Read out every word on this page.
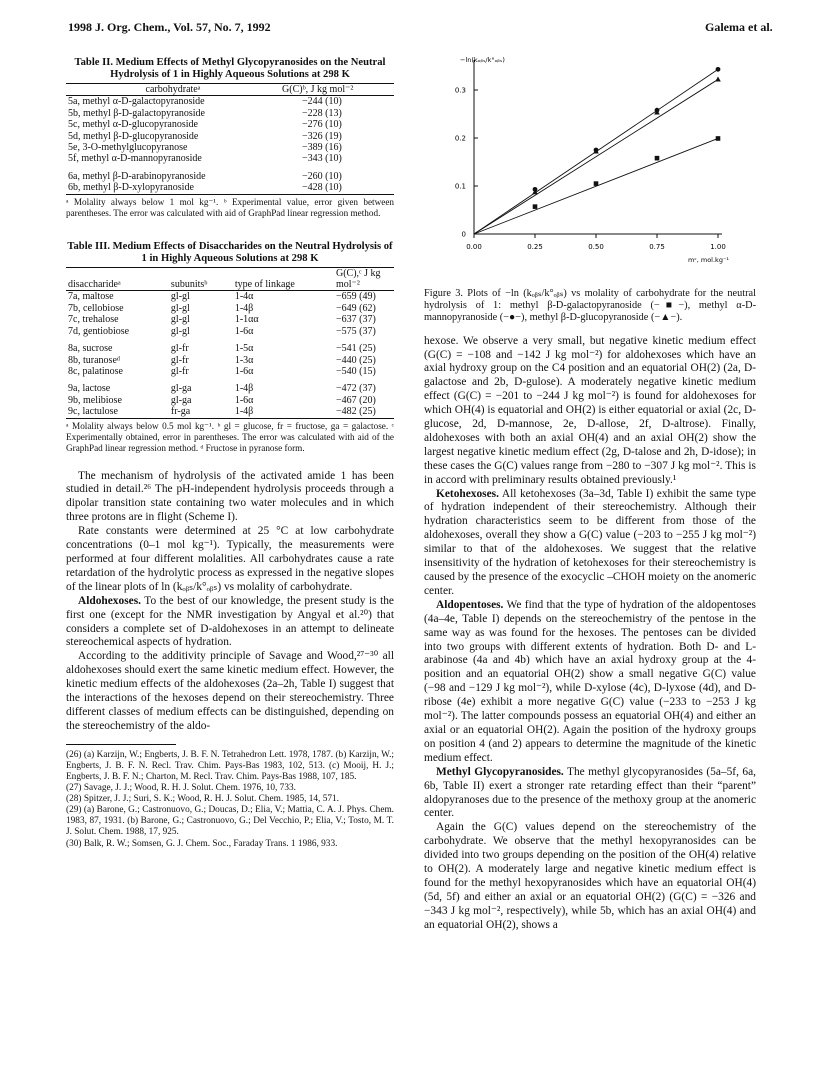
1998 J. Org. Chem., Vol. 57, No. 7, 1992	Galema et al.
Table II. Medium Effects of Methyl Glycopyranosides on the Neutral Hydrolysis of 1 in Highly Aqueous Solutions at 298 K
carbohydrateᵃ	G(C)ᵇ, J kg mol⁻²
5a, methyl α-D-galactopyranoside	−244 (10)
5b, methyl β-D-galactopyranoside	−228 (13)
5c, methyl α-D-glucopyranoside	−276 (10)
5d, methyl β-D-glucopyranoside	−326 (19)
5e, 3-O-methylglucopyranose	−389 (16)
5f, methyl α-D-mannopyranoside	−343 (10)
6a, methyl β-D-arabinopyranoside	−260 (10)
6b, methyl β-D-xylopyranoside	−428 (10)
ᵃ Molality always below 1 mol kg⁻¹. ᵇ Experimental value, error given between parentheses. The error was calculated with aid of GraphPad linear regression method.
Table III. Medium Effects of Disaccharides on the Neutral Hydrolysis of 1 in Highly Aqueous Solutions at 298 K
disaccharideᵃ	subunitsᵇ	type of linkage	G(C),ᶜ J kg mol⁻²
7a, maltose	gl-gl	1-4α	−659 (49)
7b, cellobiose	gl-gl	1-4β	−649 (62)
7c, trehalose	gl-gl	1-1αα	−637 (37)
7d, gentiobiose	gl-gl	1-6α	−575 (37)
8a, sucrose	gl-fr	1-5α	−541 (25)
8b, turanoseᵈ	gl-fr	1-3α	−440 (25)
8c, palatinose	gl-fr	1-6α	−540 (15)
9a, lactose	gl-ga	1-4β	−472 (37)
9b, melibiose	gl-ga	1-6α	−467 (20)
9c, lactulose	fr-ga	1-4β	−482 (25)
ᵃ Molality always below 0.5 mol kg⁻¹. ᵇ gl = glucose, fr = fructose, ga = galactose. ᶜ Experimentally obtained, error in parentheses. The error was calculated with aid of the GraphPad linear regression method. ᵈ Fructose in pyranose form.

The mechanism of hydrolysis of the activated amide 1 has been studied in detail.²⁶ The pH-independent hydrolysis proceeds through a dipolar transition state containing two water molecules and in which three protons are in flight (Scheme I).

Rate constants were determined at 25 °C at low carbohydrate concentrations (0–1 mol kg⁻¹). Typically, the measurements were performed at four different molalities. All carbohydrates cause a rate retardation of the hydrolytic process as expressed in the negative slopes of the linear plots of ln (kₒᵦₛ/k°ₒᵦₛ) vs molality of carbohydrate.

Aldohexoses. To the best of our knowledge, the present study is the first one (except for the NMR investigation by Angyal et al.²⁰) that considers a complete set of D-aldohexoses in an attempt to delineate stereochemical aspects of hydration.

According to the additivity principle of Savage and Wood,²⁷⁻³⁰ all aldohexoses should exert the same kinetic medium effect. However, the kinetic medium effects of the aldohexoses (2a–2h, Table I) suggest that the interactions of the hexoses depend on their stereochemistry. Three different classes of medium effects can be distinguished, depending on the stereochemistry of the aldo-

(26) (a) Karzijn, W.; Engberts, J. B. F. N. Tetrahedron Lett. 1978, 1787. (b) Karzijn, W.; Engberts, J. B. F. N. Recl. Trav. Chim. Pays-Bas 1983, 102, 513. (c) Mooij, H. J.; Engberts, J. B. F. N.; Charton, M. Recl. Trav. Chim. Pays-Bas 1988, 107, 185.
(27) Savage, J. J.; Wood, R. H. J. Solut. Chem. 1976, 10, 733.
(28) Spitzer, J. J.; Suri, S. K.; Wood, R. H. J. Solut. Chem. 1985, 14, 571.
(29) (a) Barone, G.; Castronuovo, G.; Doucas, D.; Elia, V.; Mattia, C. A. J. Phys. Chem. 1983, 87, 1931. (b) Barone, G.; Castronuovo, G.; Del Vecchio, P.; Elia, V.; Tosto, M. T. J. Solut. Chem. 1988, 17, 925.
(30) Balk, R. W.; Somsen, G. J. Chem. Soc., Faraday Trans. 1 1986, 933.
0.00	0.25	0.50	0.75	1.00
0
0.1
0.2
0.3
−ln(kₒᵦₛ/k°ₒᵦₛ)
mᶜ, mol.kg⁻¹
Figure 3. Plots of −ln (kₒᵦₛ/k°ₒᵦₛ) vs molality of carbohydrate for the neutral hydrolysis of 1: methyl β-D-galactopyranoside (−■−), methyl α-D-mannopyranoside (−●−), methyl β-D-glucopyranoside (−▲−).

hexose. We observe a very small, but negative kinetic medium effect (G(C) = −108 and −142 J kg mol⁻²) for aldohexoses which have an axial hydroxy group on the C4 position and an equatorial OH(2) (2a, D-galactose and 2b, D-gulose). A moderately negative kinetic medium effect (G(C) = −201 to −244 J kg mol⁻²) is found for aldohexoses for which OH(4) is equatorial and OH(2) is either equatorial or axial (2c, D-glucose, 2d, D-mannose, 2e, D-allose, 2f, D-altrose). Finally, aldohexoses with both an axial OH(4) and an axial OH(2) show the largest negative kinetic medium effect (2g, D-talose and 2h, D-idose); in these cases the G(C) values range from −280 to −307 J kg mol⁻². This is in accord with preliminary results obtained previously.¹

Ketohexoses. All ketohexoses (3a–3d, Table I) exhibit the same type of hydration independent of their stereochemistry. Although their hydration characteristics seem to be different from those of the aldohexoses, overall they show a G(C) value (−203 to −255 J kg mol⁻²) similar to that of the aldohexoses. We suggest that the relative insensitivity of the hydration of ketohexoses for their stereochemistry is caused by the presence of the exocyclic –CHOH moiety on the anomeric center.

Aldopentoses. We find that the type of hydration of the aldopentoses (4a–4e, Table I) depends on the stereochemistry of the pentose in the same way as was found for the hexoses. The pentoses can be divided into two groups with different extents of hydration. Both D- and L-arabinose (4a and 4b) which have an axial hydroxy group at the 4-position and an equatorial OH(2) show a small negative G(C) value (−98 and −129 J kg mol⁻²), while D-xylose (4c), D-lyxose (4d), and D-ribose (4e) exhibit a more negative G(C) value (−233 to −253 J kg mol⁻²). The latter compounds possess an equatorial OH(4) and either an axial or an equatorial OH(2). Again the position of the hydroxy groups on position 4 (and 2) appears to determine the magnitude of the kinetic medium effect.

Methyl Glycopyranosides. The methyl glycopyranosides (5a–5f, 6a, 6b, Table II) exert a stronger rate retarding effect than their “parent” aldopyranoses due to the presence of the methoxy group at the anomeric center.

Again the G(C) values depend on the stereochemistry of the carbohydrate. We observe that the methyl hexopyranosides can be divided into two groups depending on the position of the OH(4) relative to OH(2). A moderately large and negative kinetic medium effect is found for the methyl hexopyranosides which have an equatorial OH(4) (5d, 5f) and either an axial or an equatorial OH(2) (G(C) = −326 and −343 J kg mol⁻², respectively), while 5b, which has an axial OH(4) and an equatorial OH(2), shows a
